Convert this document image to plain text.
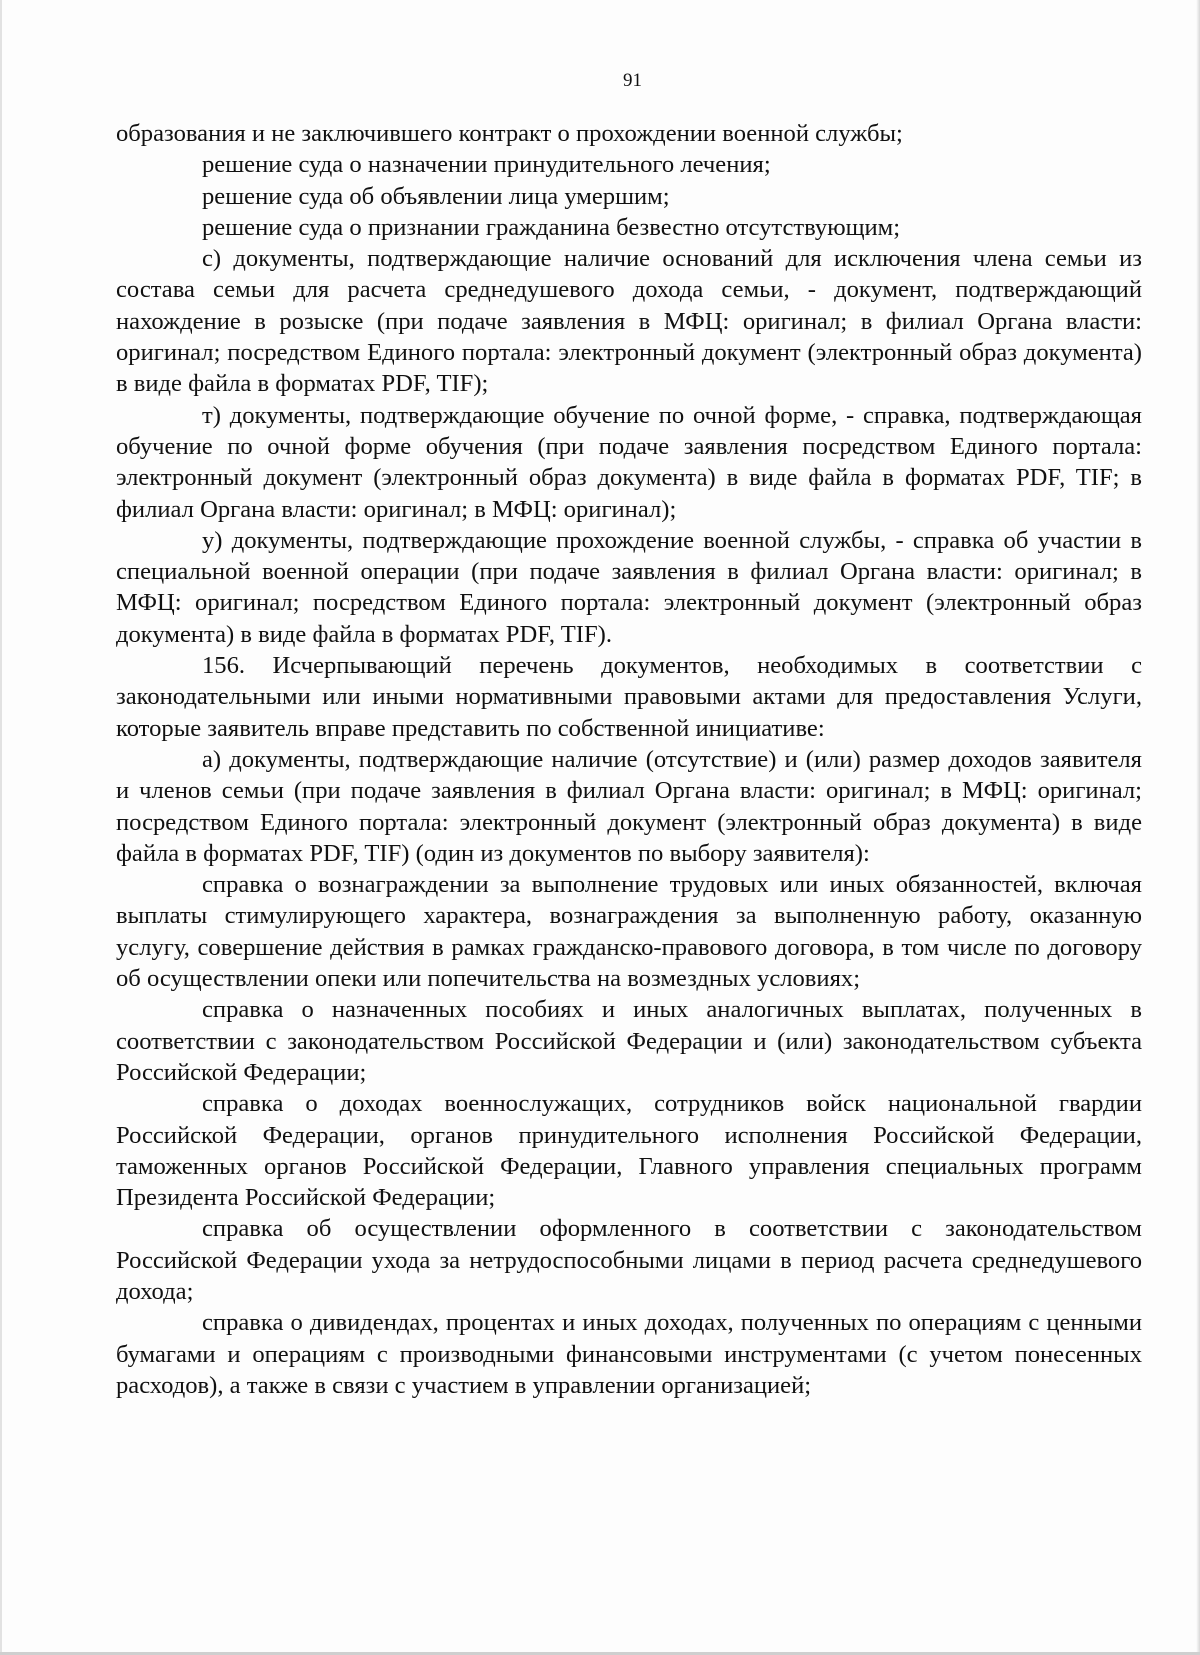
91

образования и не заключившего контракт о прохождении военной службы;

решение суда о назначении принудительного лечения;

решение суда об объявлении лица умершим;

решение суда о признании гражданина безвестно отсутствующим;

с) документы, подтверждающие наличие оснований для исключения члена семьи из состава семьи для расчета среднедушевого дохода семьи, - документ, подтверждающий нахождение в розыске (при подаче заявления в МФЦ: оригинал; в филиал Органа власти: оригинал; посредством Единого портала: электронный документ (электронный образ документа) в виде файла в форматах PDF, TIF);

т) документы, подтверждающие обучение по очной форме, - справка, подтверждающая обучение по очной форме обучения (при подаче заявления посредством Единого портала: электронный документ (электронный образ документа) в виде файла в форматах PDF, TIF; в филиал Органа власти: оригинал; в МФЦ: оригинал);

у) документы, подтверждающие прохождение военной службы, - справка об участии в специальной военной операции (при подаче заявления в филиал Органа власти: оригинал; в МФЦ: оригинал; посредством Единого портала: электронный документ (электронный образ документа) в виде файла в форматах PDF, TIF).

156. Исчерпывающий перечень документов, необходимых в соответствии с законодательными или иными нормативными правовыми актами для предоставления Услуги, которые заявитель вправе представить по собственной инициативе:

а) документы, подтверждающие наличие (отсутствие) и (или) размер доходов заявителя и членов семьи (при подаче заявления в филиал Органа власти: оригинал; в МФЦ: оригинал; посредством Единого портала: электронный документ (электронный образ документа) в виде файла в форматах PDF, TIF) (один из документов по выбору заявителя):

справка о вознаграждении за выполнение трудовых или иных обязанностей, включая выплаты стимулирующего характера, вознаграждения за выполненную работу, оказанную услугу, совершение действия в рамках гражданско-правового договора, в том числе по договору об осуществлении опеки или попечительства на возмездных условиях;

справка о назначенных пособиях и иных аналогичных выплатах, полученных в соответствии с законодательством Российской Федерации и (или) законодательством субъекта Российской Федерации;

справка о доходах военнослужащих, сотрудников войск национальной гвардии Российской Федерации, органов принудительного исполнения Российской Федерации, таможенных органов Российской Федерации, Главного управления специальных программ Президента Российской Федерации;

справка об осуществлении оформленного в соответствии с законодательством Российской Федерации ухода за нетрудоспособными лицами в период расчета среднедушевого дохода;

справка о дивидендах, процентах и иных доходах, полученных по операциям с ценными бумагами и операциям с производными финансовыми инструментами (с учетом понесенных расходов), а также в связи с участием в управлении организацией;
